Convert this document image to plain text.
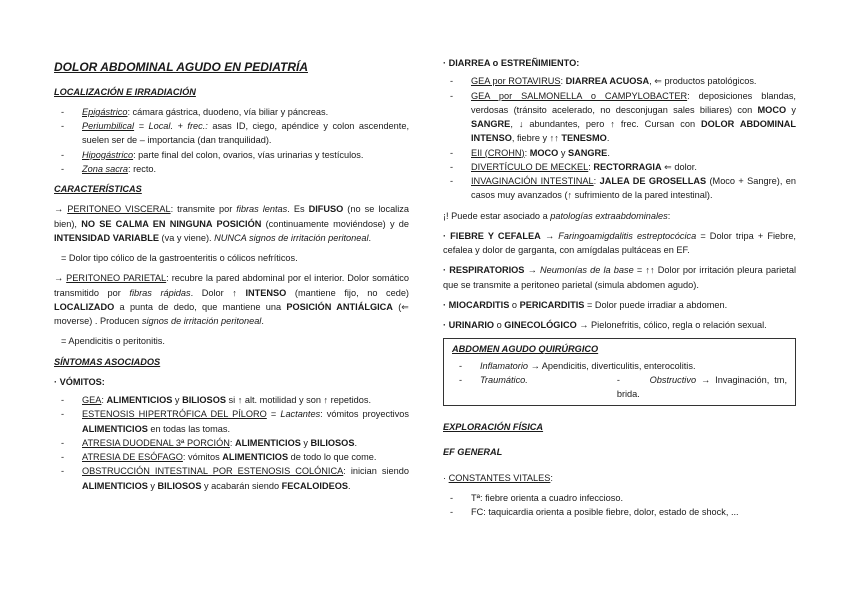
DOLOR ABDOMINAL AGUDO EN PEDIATRÍA

LOCALIZACIÓN E IRRADIACIÓN

- Epigástrico: cámara gástrica, duodeno, vía biliar y páncreas.
- Periumbilical = Local. + frec.: asas ID, ciego, apéndice y colon ascendente, suelen ser de – importancia (dan tranquilidad).
- Hipogástrico: parte final del colon, ovarios, vías urinarias y testículos.
- Zona sacra: recto.

CARACTERÍSTICAS

→ PERITONEO VISCERAL: transmite por fibras lentas. Es DIFUSO (no se localiza bien), NO SE CALMA EN NINGUNA POSICIÓN (continuamente moviéndose) y de INTENSIDAD VARIABLE (va y viene). NUNCA signos de irritación peritoneal.

= Dolor tipo cólico de la gastroenteritis o cólicos nefríticos.

→ PERITONEO PARIETAL: recubre la pared abdominal por el interior. Dolor somático transmitido por fibras rápidas. Dolor ↑ INTENSO (mantiene fijo, no cede) LOCALIZADO a punta de dedo, que mantiene una POSICIÓN ANTIÁLGICA (⇐ moverse) . Producen signos de irritación peritoneal.

= Apendicitis o peritonitis.

SÍNTOMAS ASOCIADOS

· VÓMITOS:

- GEA: ALIMENTICIOS y BILIOSOS si ↑ alt. motilidad y son ↑ repetidos.
- ESTENOSIS HIPERTRÓFICA DEL PÍLORO = Lactantes: vómitos proyectivos ALIMENTICIOS en todas las tomas.
- ATRESIA DUODENAL 3ª PORCIÓN: ALIMENTICIOS y BILIOSOS.
- ATRESIA DE ESÓFAGO: vómitos ALIMENTICIOS de todo lo que come.
- OBSTRUCCIÓN INTESTINAL POR ESTENOSIS COLÓNICA: inician siendo ALIMENTICIOS y BILIOSOS y acabarán siendo FECALOIDEOS.

· DIARREA o ESTREÑIMIENTO:

- GEA por ROTAVIRUS: DIARREA ACUOSA, ⇐ productos patológicos.
- GEA por SALMONELLA o CAMPYLOBACTER: deposiciones blandas, verdosas (tránsito acelerado, no desconjugan sales biliares) con MOCO y SANGRE, ↓ abundantes, pero ↑ frec. Cursan con DOLOR ABDOMINAL INTENSO, fiebre y ↑↑ TENESMO.
- EII (CROHN): MOCO y SANGRE.
- DIVERTÍCULO DE MECKEL: RECTORRAGIA ⇐ dolor.
- INVAGINACIÓN INTESTINAL: JALEA DE GROSELLAS (Moco + Sangre), en casos muy avanzados (↑ sufrimiento de la pared intestinal).

¡! Puede estar asociado a patologías extraabdominales:

· FIEBRE Y CEFALEA → Faringoamigdalitis estreptocócica = Dolor tripa + Fiebre, cefalea y dolor de garganta, con amígdalas pultáceas en EF.

· RESPIRATORIOS → Neumonías de la base = ↑↑ Dolor por irritación pleura parietal que se transmite a peritoneo parietal (simula abdomen agudo).

· MIOCARDITIS o PERICARDITIS = Dolor puede irradiar a abdomen.

· URINARIO o GINECOLÓGICO → Pielonefritis, cólico, regla o relación sexual.

ABDOMEN AGUDO QUIRÚRGICO

- Inflamatorio → Apendicitis, diverticulitis, enterocolitis.
- Traumático.	-      Obstructivo → Invaginación, tm, brida.

EXPLORACIÓN FÍSICA

EF GENERAL

· CONSTANTES VITALES:

- Tª: fiebre orienta a cuadro infeccioso.
- FC: taquicardia orienta a posible fiebre, dolor, estado de shock, ...
